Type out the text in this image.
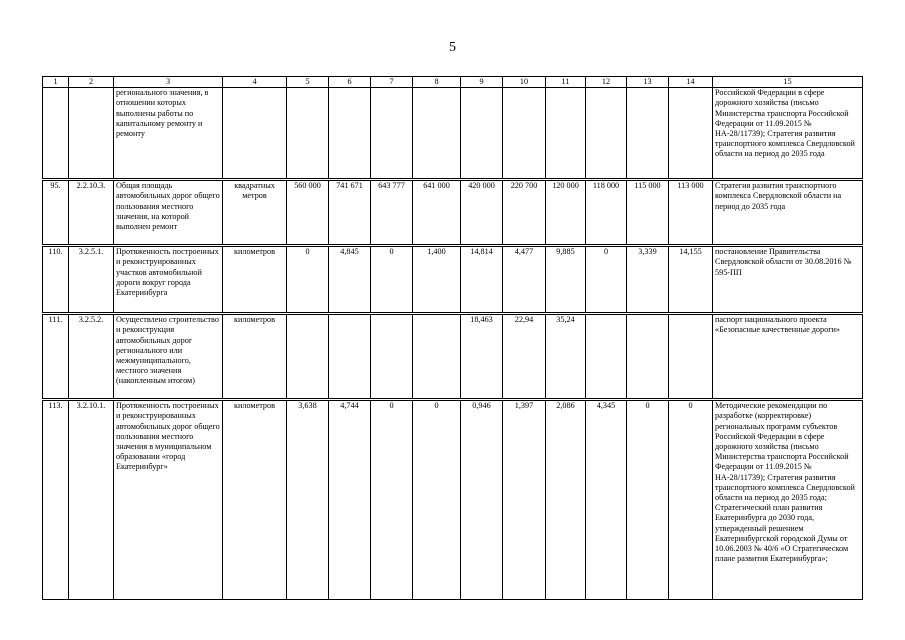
5
1	2	3	4	5	6	7	8	9	10	11	12	13	14	15
		регионального значения, в отношении которых выполнены работы по капитальному ремонту и ремонту												Российской Федерации в сфере дорожного хозяйства (письмо Министерства транспорта Российской Федерации от 11.09.2015 № НА-28/11739); Стратегия развития транспортного комплекса Свердловской области на период до 2035 года
95.	2.2.10.3.	Общая площадь автомобильных дорог общего пользования местного значения, на которой выполнен ремонт	квадратных метров	560 000	741 671	643 777	641 000	420 000	220 700	120 000	118 000	115 000	113 000	Стратегия развития транспортного комплекса Свердловской области на период до 2035 года
110.	3.2.5.1.	Протяженность построенных и реконструированных участков автомобильной дороги вокруг города Екатеринбурга	километров	0	4,845	0	1,400	14,814	4,477	9,885	0	3,339	14,155	постановление Правительства Свердловской области от 30.08.2016 № 595-ПП
111.	3.2.5.2.	Осуществлено строительство и реконструкция автомобильных дорог регионального или межмуниципального, местного значения (накопленным итогом)	километров					18,463	22,94	35,24				паспорт национального проекта «Безопасные качественные дороги»
113.	3.2.10.1.	Протяженность построенных и реконструированных автомобильных дорог общего пользования местного значения в муниципальном образовании «город Екатеринбург»	километров	3,638	4,744	0	0	0,946	1,397	2,086	4,345	0	0	Методические рекомендации по разработке (корректировке) региональных программ субъектов Российской Федерации в сфере дорожного хозяйства (письмо Министерства транспорта Российской Федерации от 11.09.2015 № НА-28/11739); Стратегия развития транспортного комплекса Свердловской области на период до 2035 года; Стратегический план развития Екатеринбурга до 2030 года, утвержденный решением Екатеринбургской городской Думы от 10.06.2003 № 40/6 «О Стратегическом плане развития Екатеринбурга»;
